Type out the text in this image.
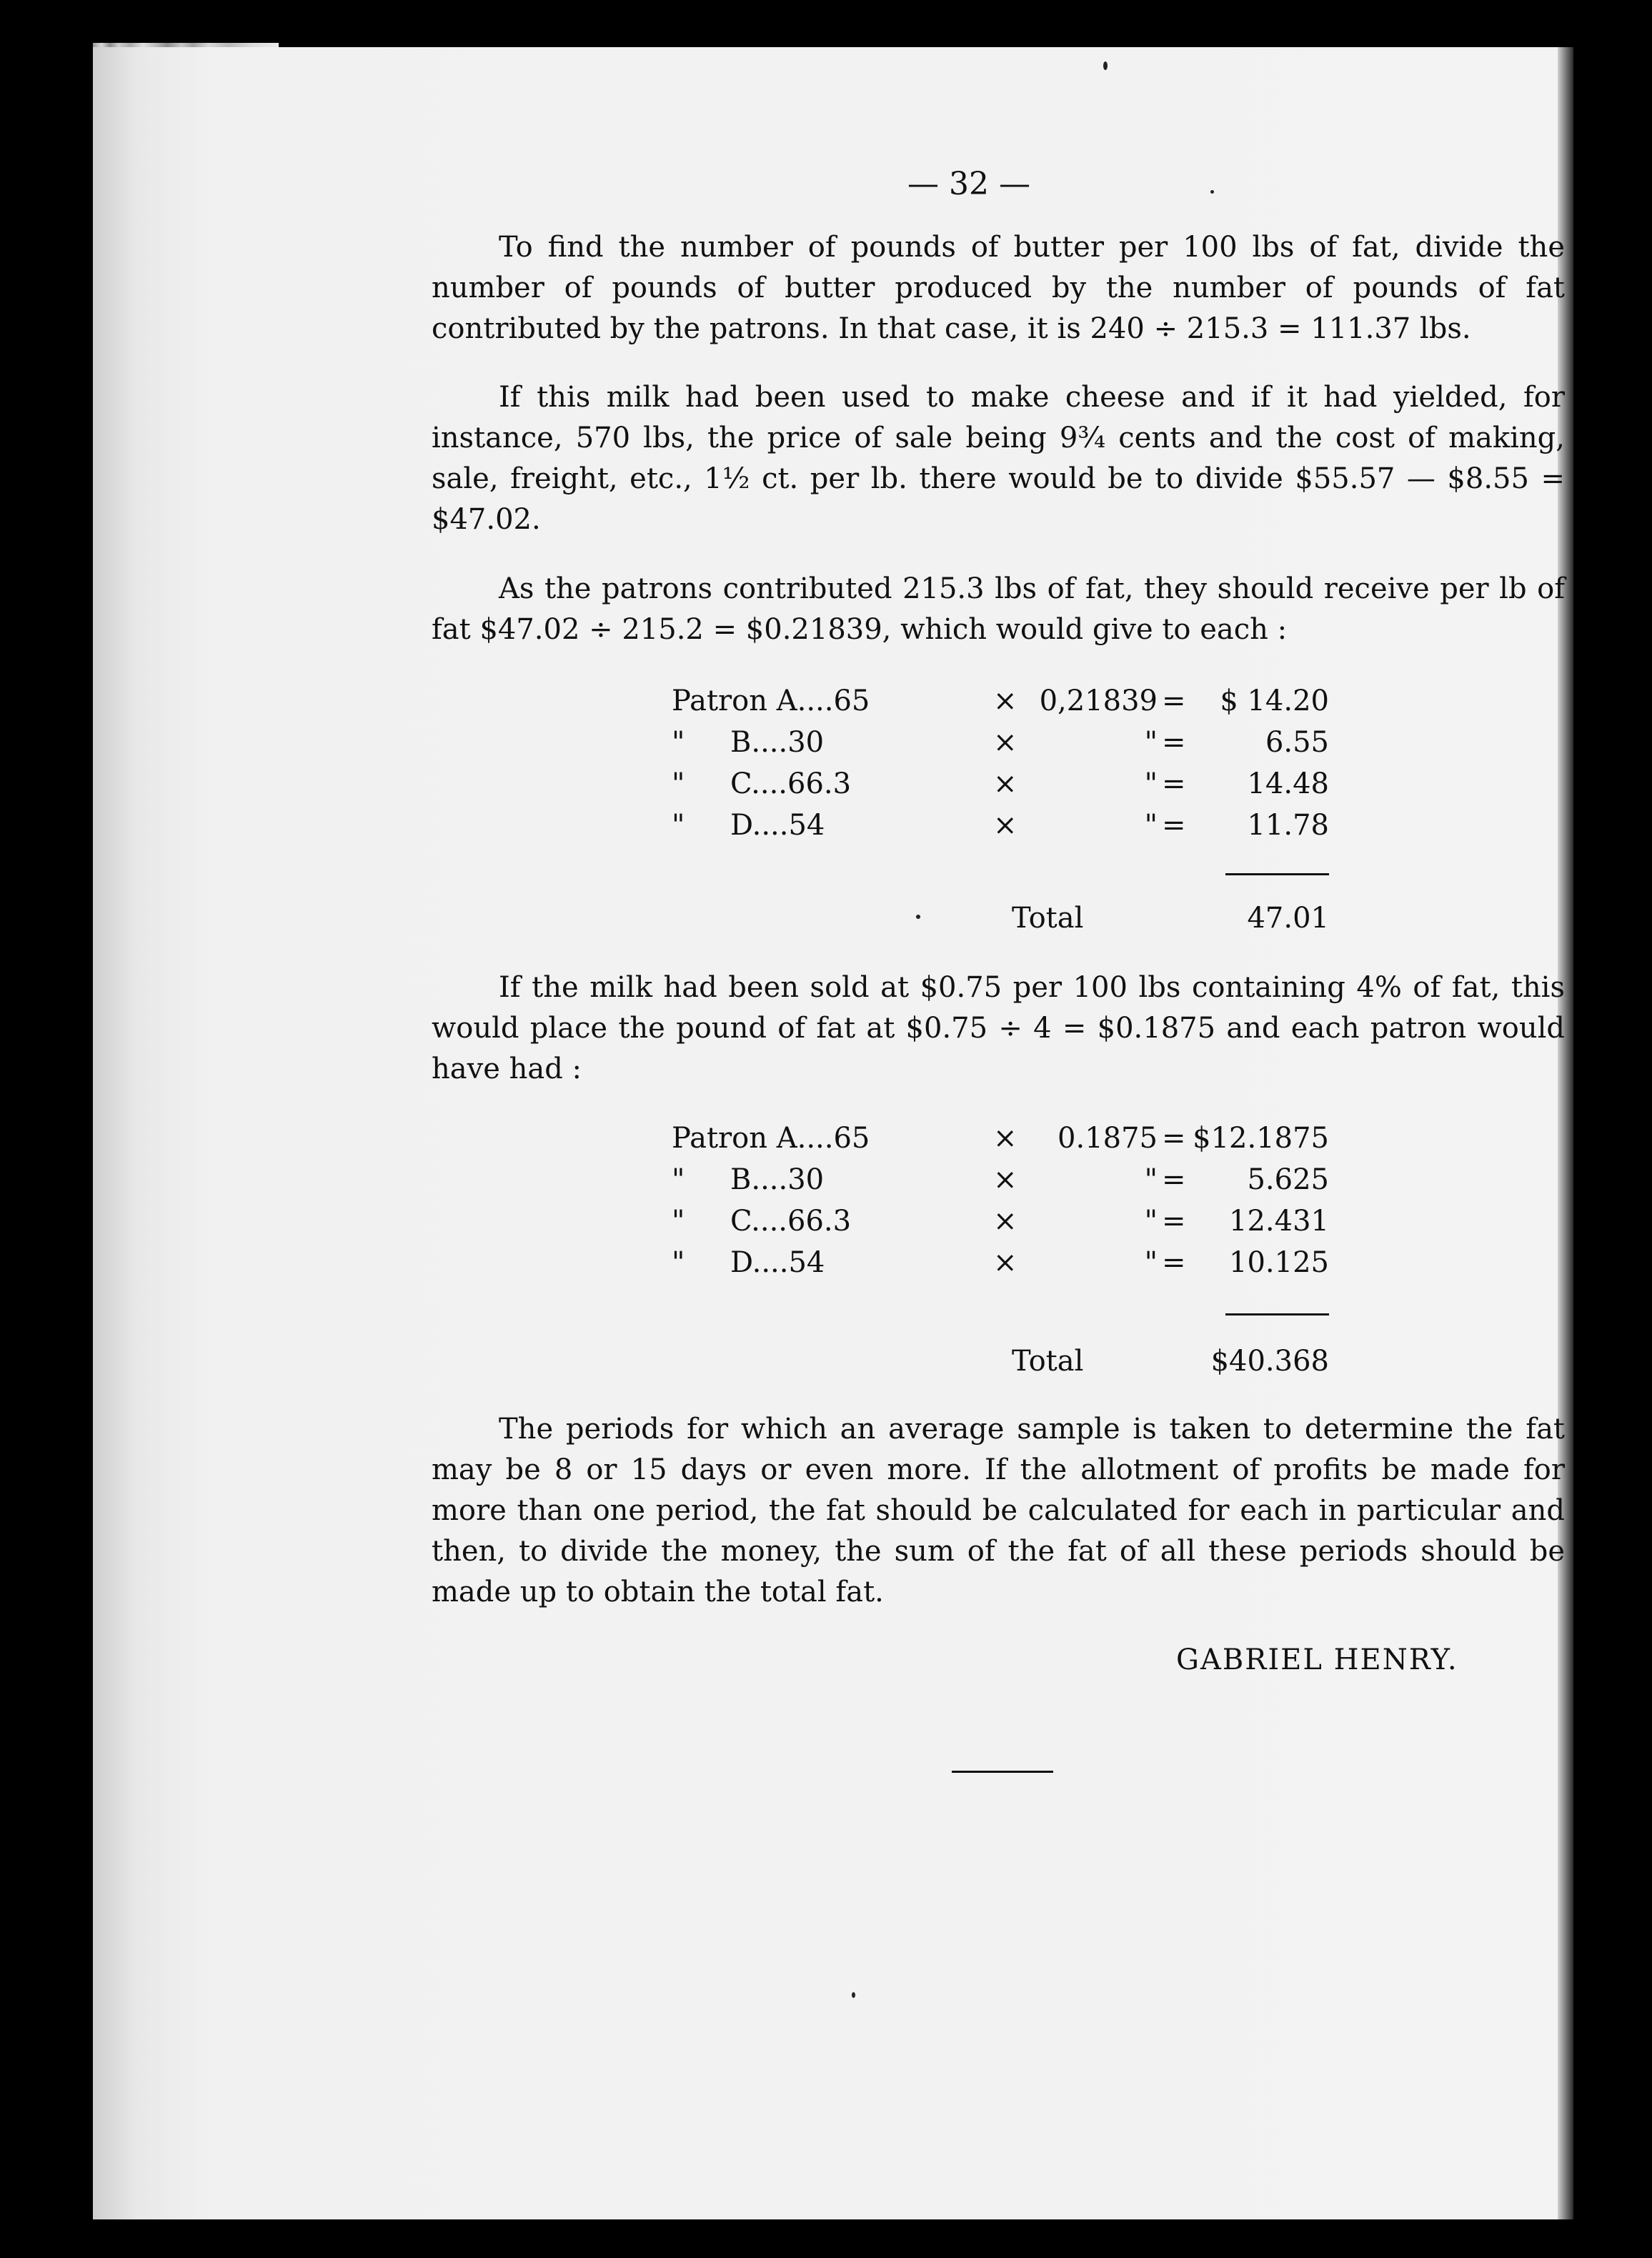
— 32 —

To find the number of pounds of butter per 100 lbs of fat, divide the number of pounds of butter produced by the number of pounds of fat contributed by the patrons. In that case, it is 240 ÷ 215.3 = 111.37 lbs.

If this milk had been used to make cheese and if it had yielded, for instance, 570 lbs, the price of sale being 9¾ cents and the cost of making, sale, freight, etc., 1½ ct. per lb. there would be to divide $55.57 — $8.55 = $47.02.

As the patrons contributed 215.3 lbs of fat, they should receive per lb of fat $47.02 ÷ 215.2 = $0.21839, which would give to each :

Patron A....65	× 0,21839 = $ 14.20
"     B....30	×	" =	6.55
"     C....66.3	×	" = 14.48
"     D....54	×	" = 11.78
Total	47.01

If the milk had been sold at $0.75 per 100 lbs containing 4% of fat, this would place the pound of fat at $0.75 ÷ 4 = $0.1875 and each patron would have had :

Patron A....65	×	0.1875 = $12.1875
"     B....30	×	" = 5.625
"     C....66.3	×	" = 12.431
"     D....54	×	" = 10.125
Total	$40.368

The periods for which an average sample is taken to determine the fat may be 8 or 15 days or even more. If the allotment of profits be made for more than one period, the fat should be calculated for each in particular and then, to divide the money, the sum of the fat of all these periods should be made up to obtain the total fat.

GABRIEL HENRY.
